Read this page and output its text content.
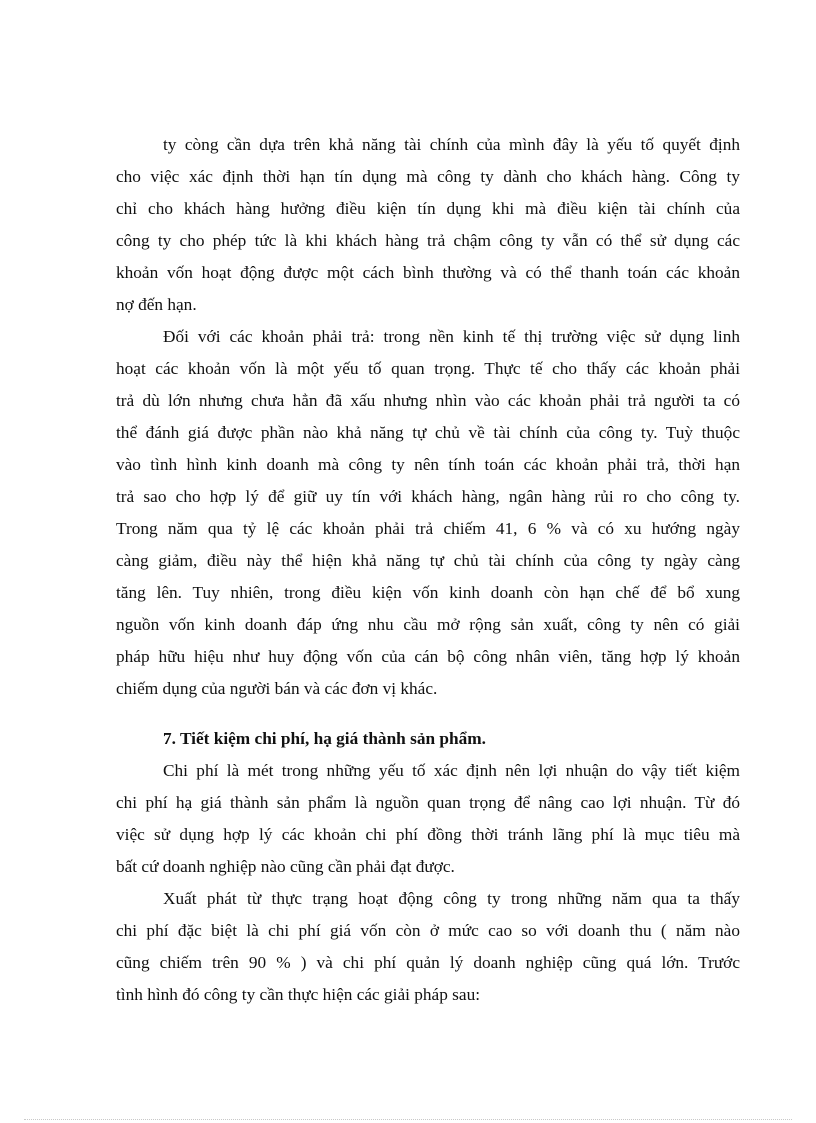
ty còng cần dựa trên khả năng tài chính của mình đây là yếu tố quyết định
cho việc xác định thời hạn tín dụng mà công ty dành cho khách hàng. Công ty
chỉ cho khách hàng hưởng điều kiện tín dụng khi mà điều kiện tài chính của
công ty cho phép tức là khi khách hàng trả chậm công ty vẫn có thể sử dụng các
khoản vốn hoạt động được một cách bình thường và có thể thanh toán các khoản
nợ đến hạn.
Đối với các khoản phải trả: trong nền kinh tế thị trường việc sử dụng linh
hoạt các khoản vốn là một yếu tố quan trọng. Thực tế cho thấy các khoản phải
trả dù lớn nhưng chưa hẳn đã xấu nhưng nhìn vào các khoản phải trả người ta có
thể đánh giá được phần nào khả năng tự chủ về tài chính của công ty. Tuỳ thuộc
vào tình hình kinh doanh mà công ty nên tính toán các khoản phải trả, thời hạn
trả sao cho hợp lý để giữ uy tín với khách hàng, ngân hàng rủi ro cho công ty.
Trong năm qua tỷ lệ các khoản phải trả chiếm 41, 6 % và có xu hướng ngày
càng giảm, điều này thể hiện khả năng tự chủ tài chính của công ty ngày càng
tăng lên. Tuy nhiên, trong điều kiện vốn kinh doanh còn hạn chế để bổ xung
nguồn vốn kinh doanh đáp ứng nhu cầu mở rộng sản xuất, công ty nên có giải
pháp hữu hiệu như huy động vốn của cán bộ công nhân viên, tăng hợp lý khoản
chiếm dụng của người bán và các đơn vị khác.
7. Tiết kiệm chi phí, hạ giá thành sản phẩm.
Chi phí là mét trong những yếu tố xác định nên lợi nhuận do vậy tiết kiệm
chi phí hạ giá thành sản phẩm là nguồn quan trọng để nâng cao lợi nhuận. Từ đó
việc sử dụng hợp lý các khoản chi phí đồng thời tránh lãng phí là mục tiêu mà
bất cứ doanh nghiệp nào cũng cần phải đạt được.
Xuất phát từ thực trạng hoạt động công ty trong những năm qua ta thấy
chi phí đặc biệt là chi phí giá vốn còn ở mức cao so với doanh thu ( năm nào
cũng chiếm trên 90 % ) và chi phí quản lý doanh nghiệp cũng quá lớn. Trước
tình hình đó công ty cần thực hiện các giải pháp sau:
